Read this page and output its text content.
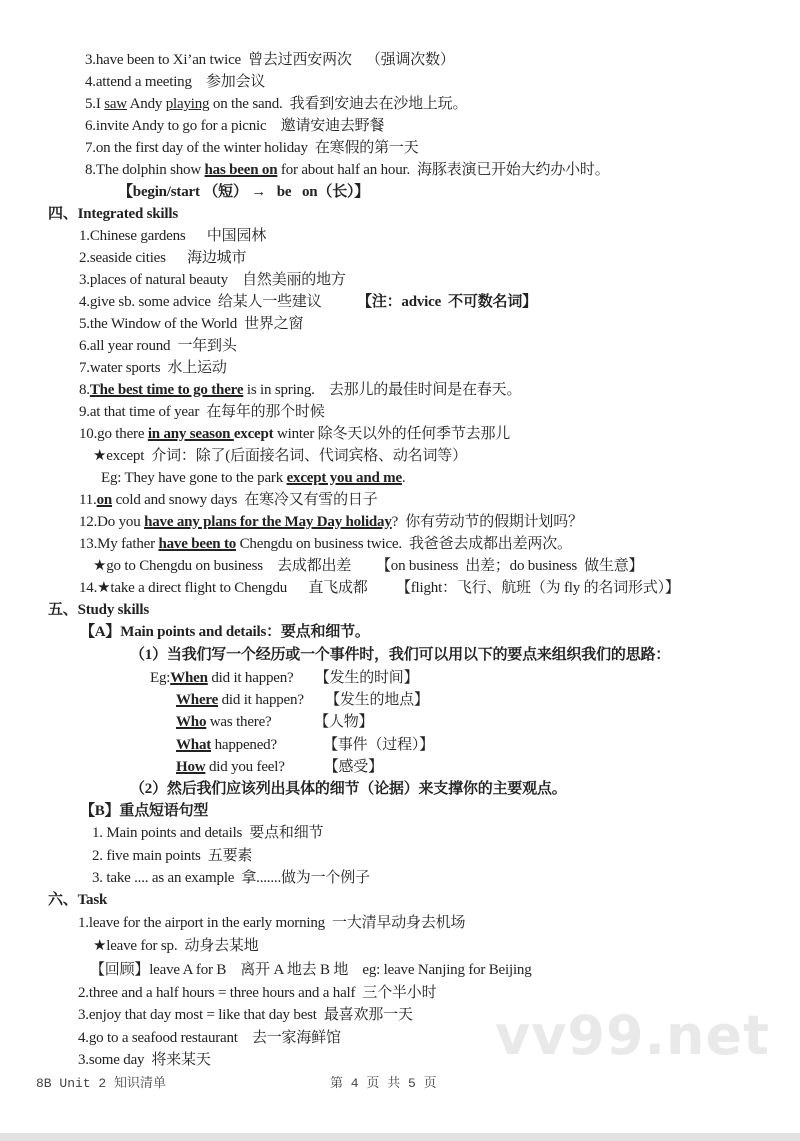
vv99.net
3.have been to Xi’an twice  曾去过西安两次    （强调次数）
4.attend a meeting    参加会议
5.I saw Andy playing on the sand.  我看到安迪去在沙地上玩。
6.invite Andy to go for a picnic    邀请安迪去野餐
7.on the first day of the winter holiday  在寒假的第一天
8.The dolphin show has been on for about half an hour.  海豚表演已开始大约办小时。
【begin/start （短） →   be   on（长）】
四、Integrated skills
1.Chinese gardens      中国园林
2.seaside cities      海边城市
3.places of natural beauty    自然美丽的地方
4.give sb. some advice  给某人一些建议          【注：advice  不可数名词】
5.the Window of the World  世界之窗
6.all year round  一年到头
7.water sports  水上运动
8.The best time to go there is in spring.    去那儿的最佳时间是在春天。
9.at that time of year  在每年的那个时候
10.go there in any season except winter 除冬天以外的任何季节去那儿
★except  介词：除了(后面接名词、代词宾格、动名词等）
Eg: They have gone to the park except you and me.
11.on cold and snowy days  在寒冷又有雪的日子
12.Do you have any plans for the May Day holiday?  你有劳动节的假期计划吗？
13.My father have been to Chengdu on business twice.  我爸爸去成都出差两次。
★go to Chengdu on business    去成都出差       【on business  出差；do business  做生意】
14.★take a direct flight to Chengdu      直飞成都        【flight：飞行、航班（为 fly 的名词形式）】
五、Study skills
【A】Main points and details：要点和细节。
（1）当我们写一个经历或一个事件时，我们可以用以下的要点来组织我们的思路：
Eg:When did it happen?      【发生的时间】
Where did it happen?      【发生的地点】
Who was there?            【人物】
What happened?             【事件（过程）】
How did you feel?           【感受】
（2）然后我们应该列出具体的细节（论据）来支撑你的主要观点。
【B】重点短语句型
1. Main points and details  要点和细节
2. five main points  五要素
3. take .... as an example  拿.......做为一个例子
六、Task
1.leave for the airport in the early morning  一大清早动身去机场
★leave for sp.  动身去某地
【回顾】leave A for B    离开 A 地去 B 地    eg: leave Nanjing for Beijing
2.three and a half hours = three hours and a half  三个半小时
3.enjoy that day most = like that day best  最喜欢那一天
4.go to a seafood restaurant    去一家海鲜馆
3.some day  将来某天
8B Unit 2 知识清单	第 4 页 共 5 页
